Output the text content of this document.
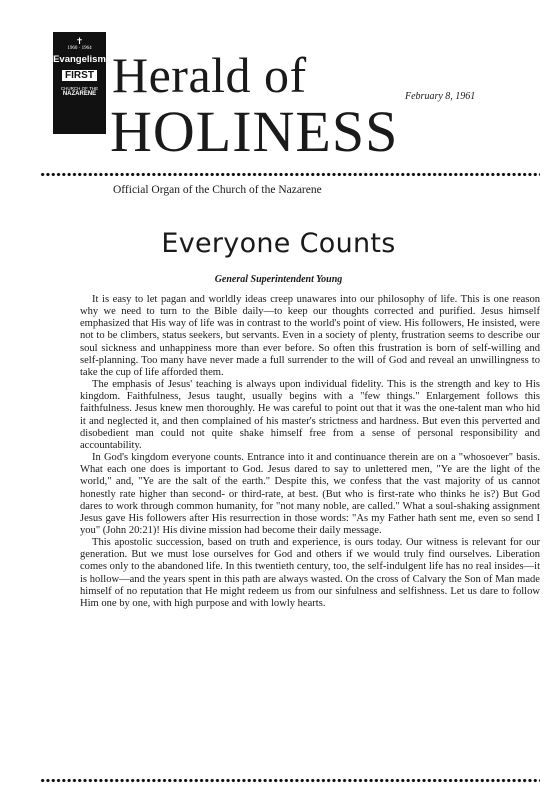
✝
1960 · 1964
Evangelism
FIRST
CHURCH OF THE
NAZARENE Herald of
HOLINESS
February 8, 1961
Official Organ of the Church of the Nazarene
Everyone Counts
General Superintendent Young

It is easy to let pagan and worldly ideas creep unawares into our philosophy of life. This is one reason why we need to turn to the Bible daily—to keep our thoughts corrected and purified. Jesus himself emphasized that His way of life was in contrast to the world's point of view. His followers, He insisted, were not to be climbers, status seekers, but servants. Even in a society of plenty, frustration seems to describe our soul sickness and unhappiness more than ever before. So often this frustration is born of self-willing and self-planning. Too many have never made a full surrender to the will of God and reveal an unwillingness to take the cup of life afforded them.

The emphasis of Jesus' teaching is always upon individual fidelity. This is the strength and key to His kingdom. Faithfulness, Jesus taught, usually begins with a "few things." Enlargement follows this faithfulness. Jesus knew men thoroughly. He was careful to point out that it was the one-talent man who hid it and neglected it, and then complained of his master's strictness and hardness. But even this perverted and disobedient man could not quite shake himself free from a sense of personal responsibility and accountability.

In God's kingdom everyone counts. Entrance into it and continuance therein are on a "whosoever" basis. What each one does is important to God. Jesus dared to say to unlettered men, "Ye are the light of the world," and, "Ye are the salt of the earth." Despite this, we confess that the vast majority of us cannot honestly rate higher than second- or third-rate, at best. (But who is first-rate who thinks he is?) But God dares to work through common humanity, for "not many noble, are called." What a soul-shaking assignment Jesus gave His followers after His resurrection in those words: "As my Father hath sent me, even so send I you" (John 20:21)! His divine mission had become their daily message.

This apostolic succession, based on truth and experience, is ours today. Our witness is relevant for our generation. But we must lose ourselves for God and others if we would truly find ourselves. Liberation comes only to the abandoned life. In this twentieth century, too, the self-indulgent life has no real insides—it is hollow—and the years spent in this path are always wasted. On the cross of Calvary the Son of Man made himself of no reputation that He might redeem us from our sinfulness and selfishness. Let us dare to follow Him one by one, with high purpose and with lowly hearts.
